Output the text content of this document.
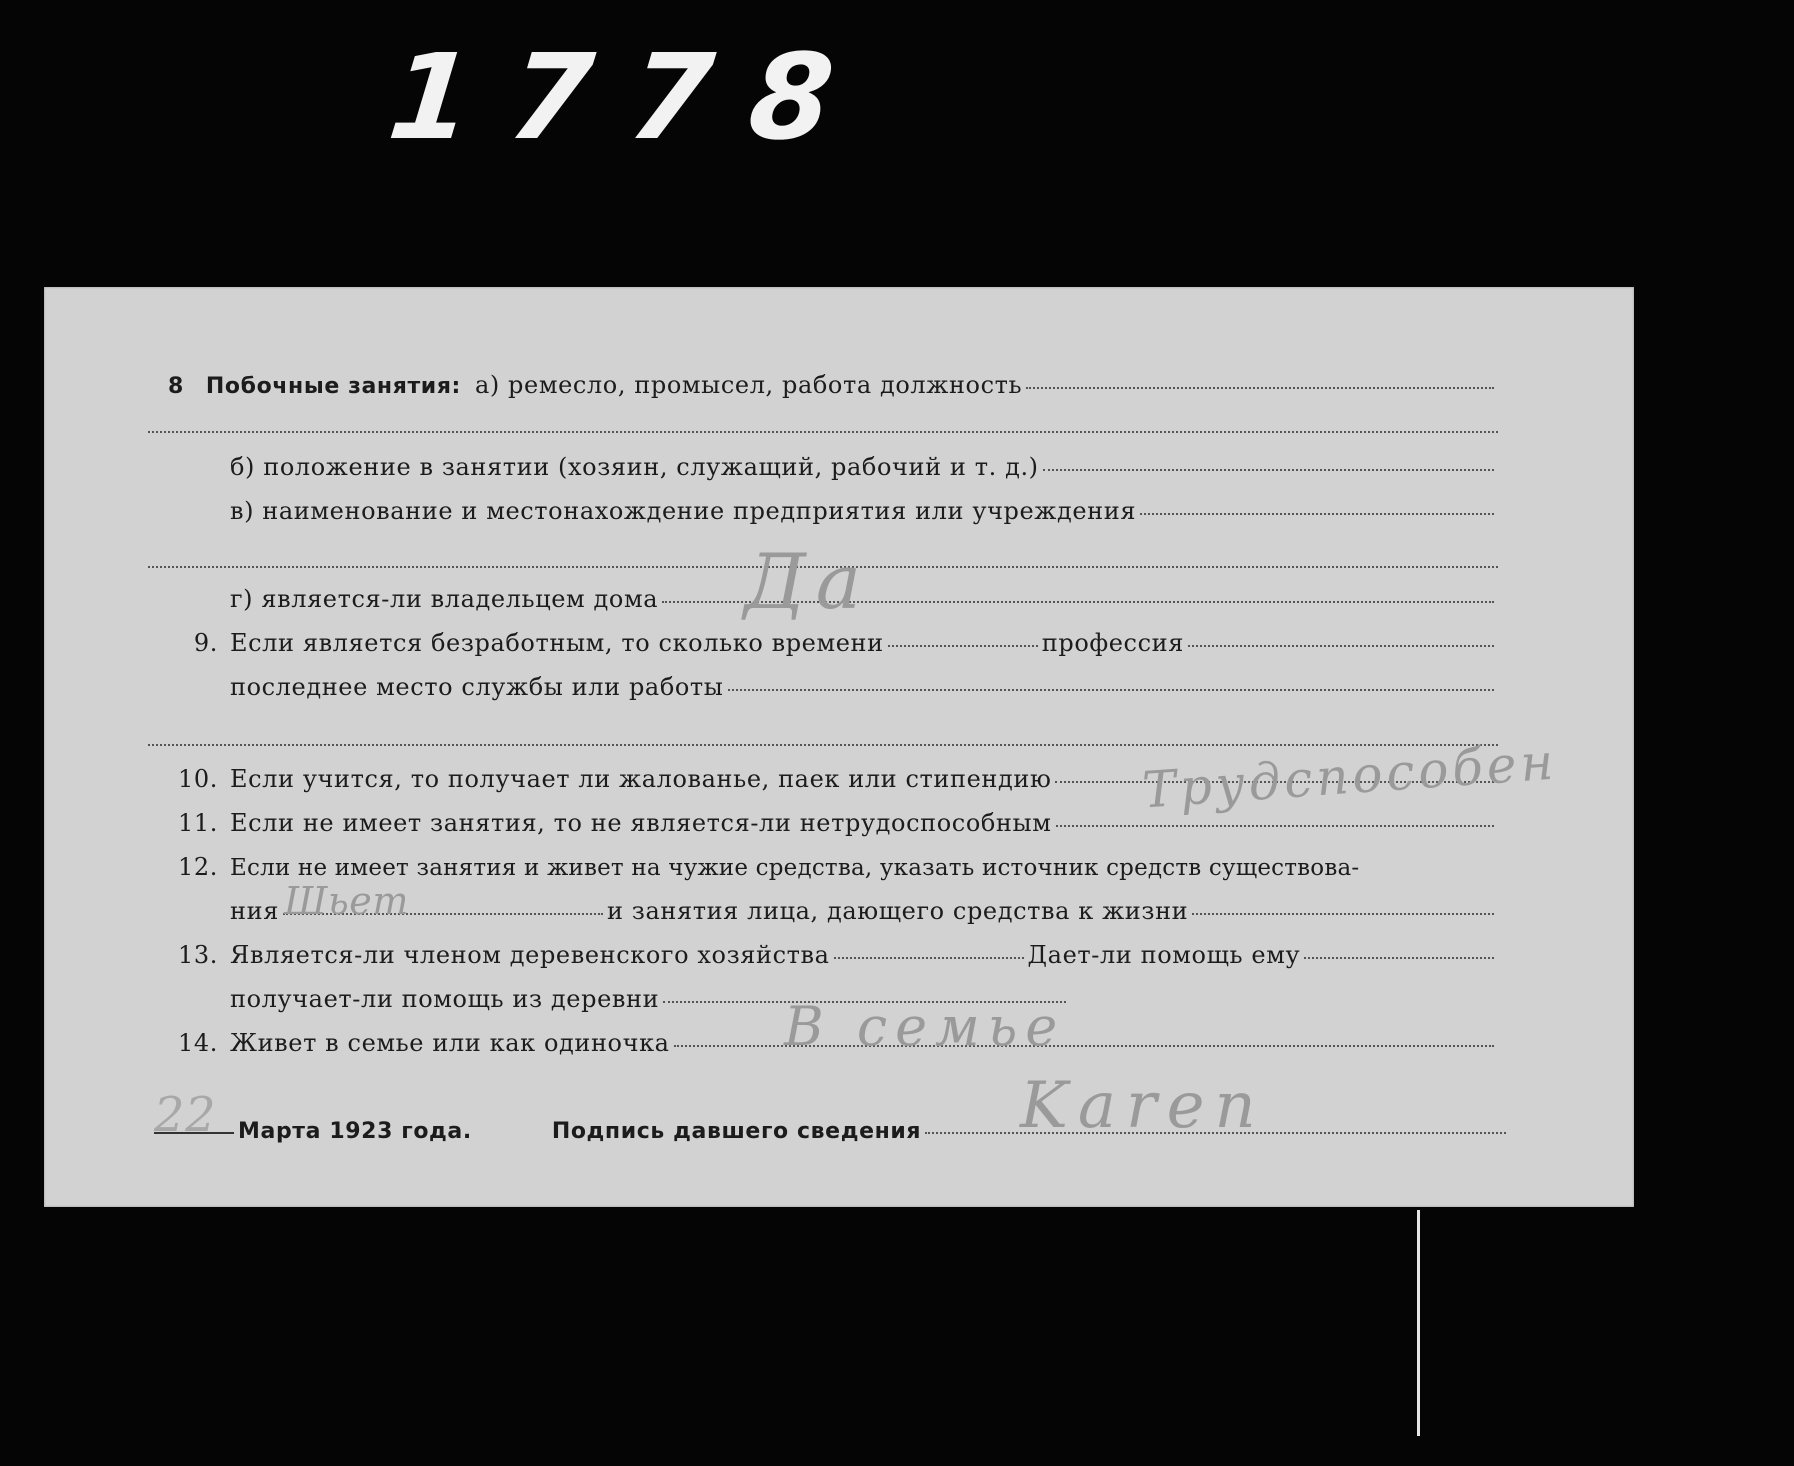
1778
8 Побочные занятия: а) ремесло, промысел, работа должность
б) положение в занятии (хозяин, служащий, рабочий и т. д.)
в) наименование и местонахождение предприятия или учреждения
г) является-ли владельцем дома
9. Если является безработным, то сколько времени	профессия
последнее место службы или работы
10. Если учится, то получает ли жалованье, паек или стипендию
11. Если не имеет занятия, то не является-ли нетрудоспособным
12. Если не имеет занятия и живет на чужие средства, указать источник средств существова-
ния	и занятия лица, дающего средства к жизни
13. Является-ли членом деревенского хозяйства	Дает-ли помощь ему
получает-ли помощь из деревни
14. Живет в семье или как одиночка
Марта 1923 года.	Подпись давшего сведения
22
Да
Трудспособен
Шьет
В семье
Karen
